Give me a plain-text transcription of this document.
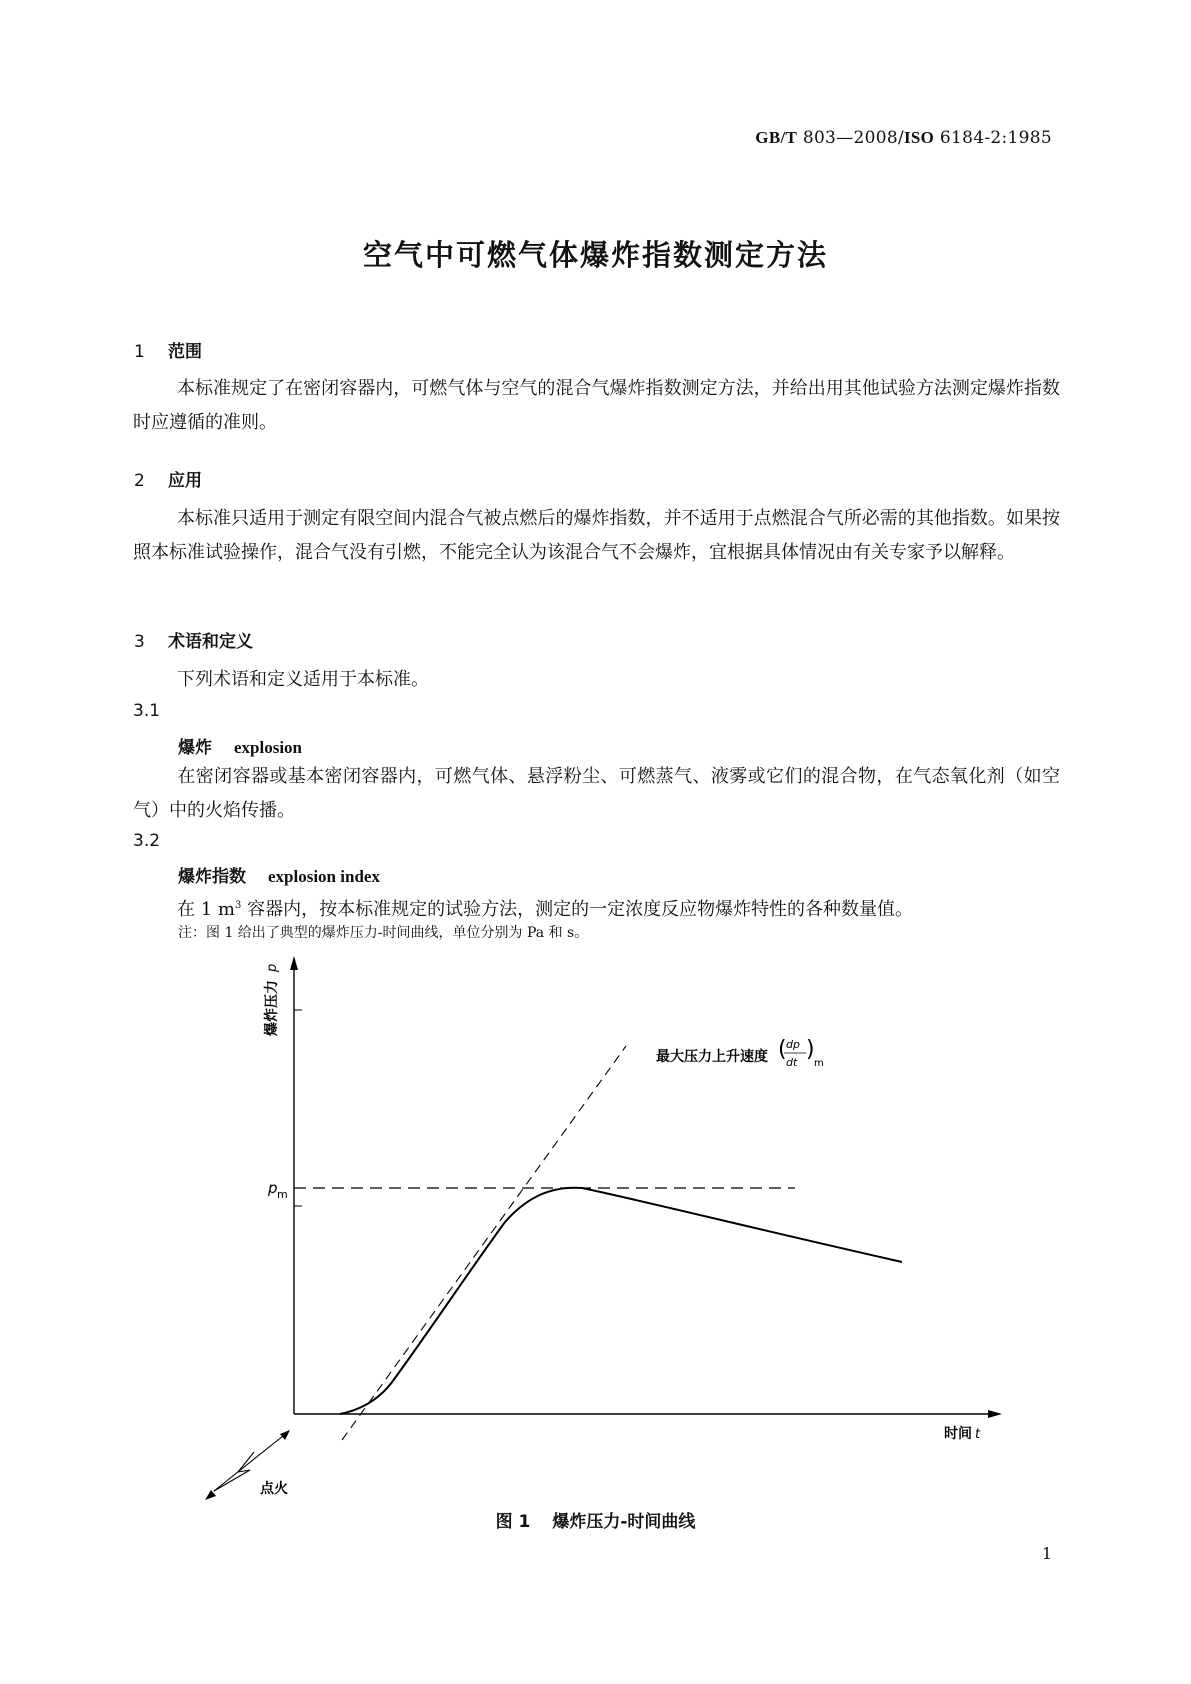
GB/T 803—2008/ISO 6184-2:1985
空气中可燃气体爆炸指数测定方法
1 范围
本标准规定了在密闭容器内，可燃气体与空气的混合气爆炸指数测定方法，并给出用其他试验方法测定爆炸指数时应遵循的准则。
2 应用
本标准只适用于测定有限空间内混合气被点燃后的爆炸指数，并不适用于点燃混合气所必需的其他指数。如果按照本标准试验操作，混合气没有引燃，不能完全认为该混合气不会爆炸，宜根据具体情况由有关专家予以解释。
3 术语和定义
下列术语和定义适用于本标准。
3.1
爆炸 explosion
在密闭容器或基本密闭容器内，可燃气体、悬浮粉尘、可燃蒸气、液雾或它们的混合物，在气态氧化剂（如空气）中的火焰传播。
3.2
爆炸指数 explosion index
在 1 $m^3$ 容器内，按本标准规定的试验方法，测定的一定浓度反应物爆炸特性的各种数量值。
注：图 1 给出了典型的爆炸压力-时间曲线，单位分别为 Pa 和 s。
爆炸压力
p
时间 t
p m
最大压力上升速度 ( dp
dt
)
m
点火
图 1 爆炸压力-时间曲线
1
